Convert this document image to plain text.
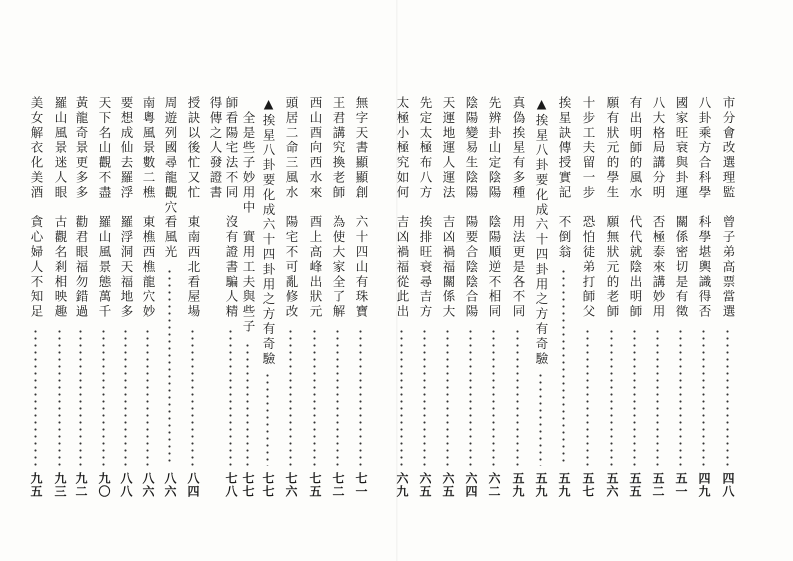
市分會改選理監　曾子弟高票當選
四八
八卦乘方合科學　科學堪輿識得否
四九
國家旺衰與卦運　關係密切是有徵
五一
八大格局講分明　否極泰來講妙用
五二
有出明師的風水　代代就陰出明師
五五
願有狀元的學生　願無狀元的老師
五六
十步工夫留一步　恐怕徒弟打師父
五七
挨星訣傳授實記　不倒翁
五九
▲挨星八卦要化成六十四卦用之方有奇驗
五九
真偽挨星有多種　用法更是各不同
五九
先辨卦山定陰陽　陰陽順逆不相同
六二
陰陽變易生陰陽　陽要合陰陰合陽
六四
天運地運人運法　吉凶禍福關係大
六五
先定太極布八方　挨排旺衰尋吉方
六五
太極小極究如何　吉凶禍福從此出
六九
無字天書顯顯創　六十四山有珠寶
七一
王君講究換老師　為使大家全了解
七二
西山酉向西水來　酉上高峰出狀元
七五
頭居二命三風水　陽宅不可亂修改
七六
▲挨星八卦要化成六十四卦用之方有奇驗
七七
　全是些子妙用中　實用工夫與些子
七七
師看陽宅法不同　沒有證書騙人精
七八
得傳之人發證書
授訣以後忙又忙　東南西北看屋場
八四
周遊列國尋龍觀穴看風光
八六
南粵風景數二樵　東樵西樵龍穴妙
八六
要想成仙去羅浮　羅浮洞天福地多
八八
天下名山觀不盡　羅山風景態萬千
九〇
黃龍奇景更多多　勸君眼福勿錯過
九二
羅山風景迷人眼　古觀名剎相映趣
九三
美女解衣化美酒　貪心婦人不知足
九五
